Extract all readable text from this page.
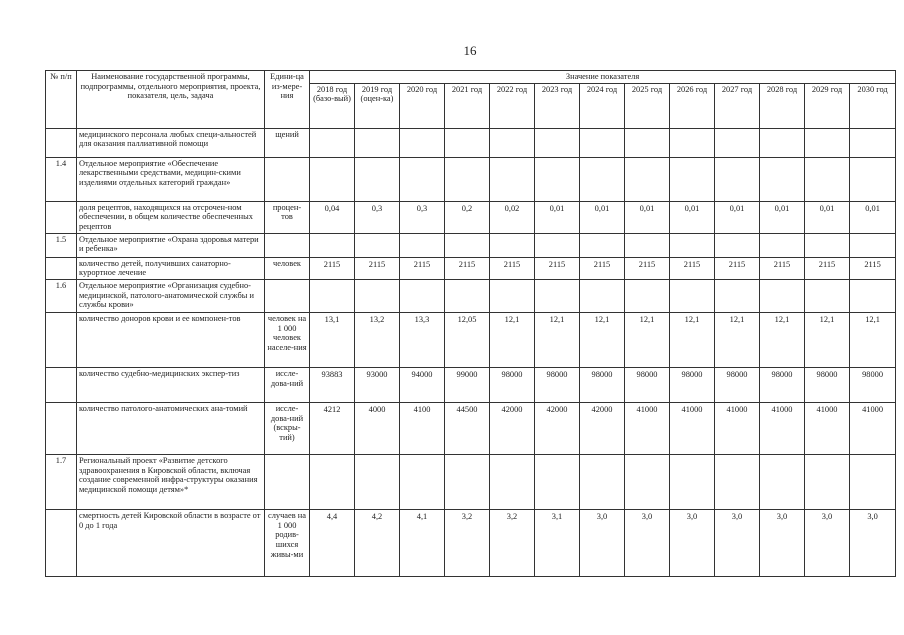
16
№ п/п	Наименование государственной программы, подпрограммы, отдельного мероприятия, проекта, показателя, цель, задача	Едини-ца из-мере-ния	Значение показателя												
			2018 год (базо-вый)	2019 год (оцен-ка)	2020 год	2021 год	2022 год	2023 год	2024 год	2025 год	2026 год	2027 год	2028 год	2029 год	2030 год
	медицинского персонала любых специ-альностей для оказания паллиативной помощи	щений													
1.4	Отдельное мероприятие «Обеспечение лекарственными средствами, медицин-скими изделиями отдельных категорий граждан»														
	доля рецептов, находящихся на отсрочен-ном обеспечении, в общем количестве обеспеченных рецептов	процен-тов	0,04	0,3	0,3	0,2	0,02	0,01	0,01	0,01	0,01	0,01	0,01	0,01	0,01
1.5	Отдельное мероприятие «Охрана здоровья матери и ребенка»														
	количество детей, получивших санаторно-курортное лечение	человек	2115	2115	2115	2115	2115	2115	2115	2115	2115	2115	2115	2115	2115
1.6	Отдельное мероприятие «Организация судебно-медицинской, патолого-анатомической службы и службы крови»														
	количество доноров крови и ее компонен-тов	человек на 1 000 человек населе-ния	13,1	13,2	13,3	12,05	12,1	12,1	12,1	12,1	12,1	12,1	12,1	12,1	12,1
	количество судебно-медицинских экспер-тиз	иссле-дова-ний	93883	93000	94000	99000	98000	98000	98000	98000	98000	98000	98000	98000	98000
	количество патолого-анатомических ана-томий	иссле-дова-ний (вскры-тий)	4212	4000	4100	44500	42000	42000	42000	41000	41000	41000	41000	41000	41000
1.7	Региональный проект «Развитие детского здравоохранения в Кировской области, включая создание современной инфра-структуры оказания медицинской помощи детям»*														
	смертность детей Кировской области в возрасте от 0 до 1 года	случаев на 1 000 родив-шихся живы-ми	4,4	4,2	4,1	3,2	3,2	3,1	3,0	3,0	3,0	3,0	3,0	3,0	3,0
